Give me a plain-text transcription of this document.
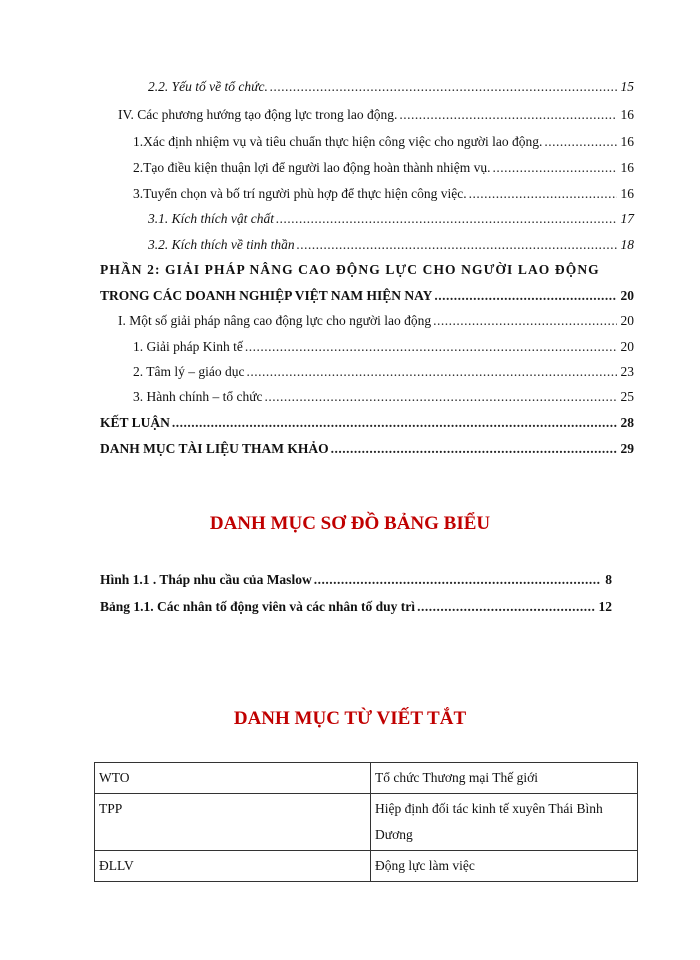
2.2. Yếu tố về tổ chức. .....	15
IV. Các phương hướng tạo động lực trong lao động. .....	16
1.Xác định nhiệm vụ và tiêu chuẩn thực hiện công việc cho người lao động. .....	16
2.Tạo điều kiện thuận lợi để người lao động hoàn thành nhiệm vụ. .....	16
3.Tuyển chọn và bố trí người phù hợp để thực hiện công việc. .....	16
3.1. Kích thích vật chất .....	17
3.2. Kích thích về tinh thần .....	18
PHẦN 2: GIẢI PHÁP NÂNG CAO ĐỘNG LỰC CHO NGƯỜI LAO ĐỘNG
TRONG CÁC DOANH NGHIỆP VIỆT NAM HIỆN NAY .....	20
I. Một số giải pháp nâng cao động lực cho người lao động .....	20
1. Giải pháp Kinh tế .....	20
2. Tâm lý – giáo dục .....	23
3. Hành chính – tổ chức .....	25
KẾT LUẬN .....	28
DANH MỤC TÀI LIỆU THAM KHẢO .....	29
DANH MỤC SƠ ĐỒ BẢNG BIỂU
Hình 1.1 . Tháp nhu cầu của Maslow .....	8
Bảng 1.1. Các nhân tố động viên và các nhân tố duy trì .....	12
DANH MỤC TỪ VIẾT TẮT
WTO	Tổ chức Thương mại Thế giới
TPP	Hiệp định đối tác kinh tế xuyên Thái Bình Dương
ĐLLV	Động lực làm việc
